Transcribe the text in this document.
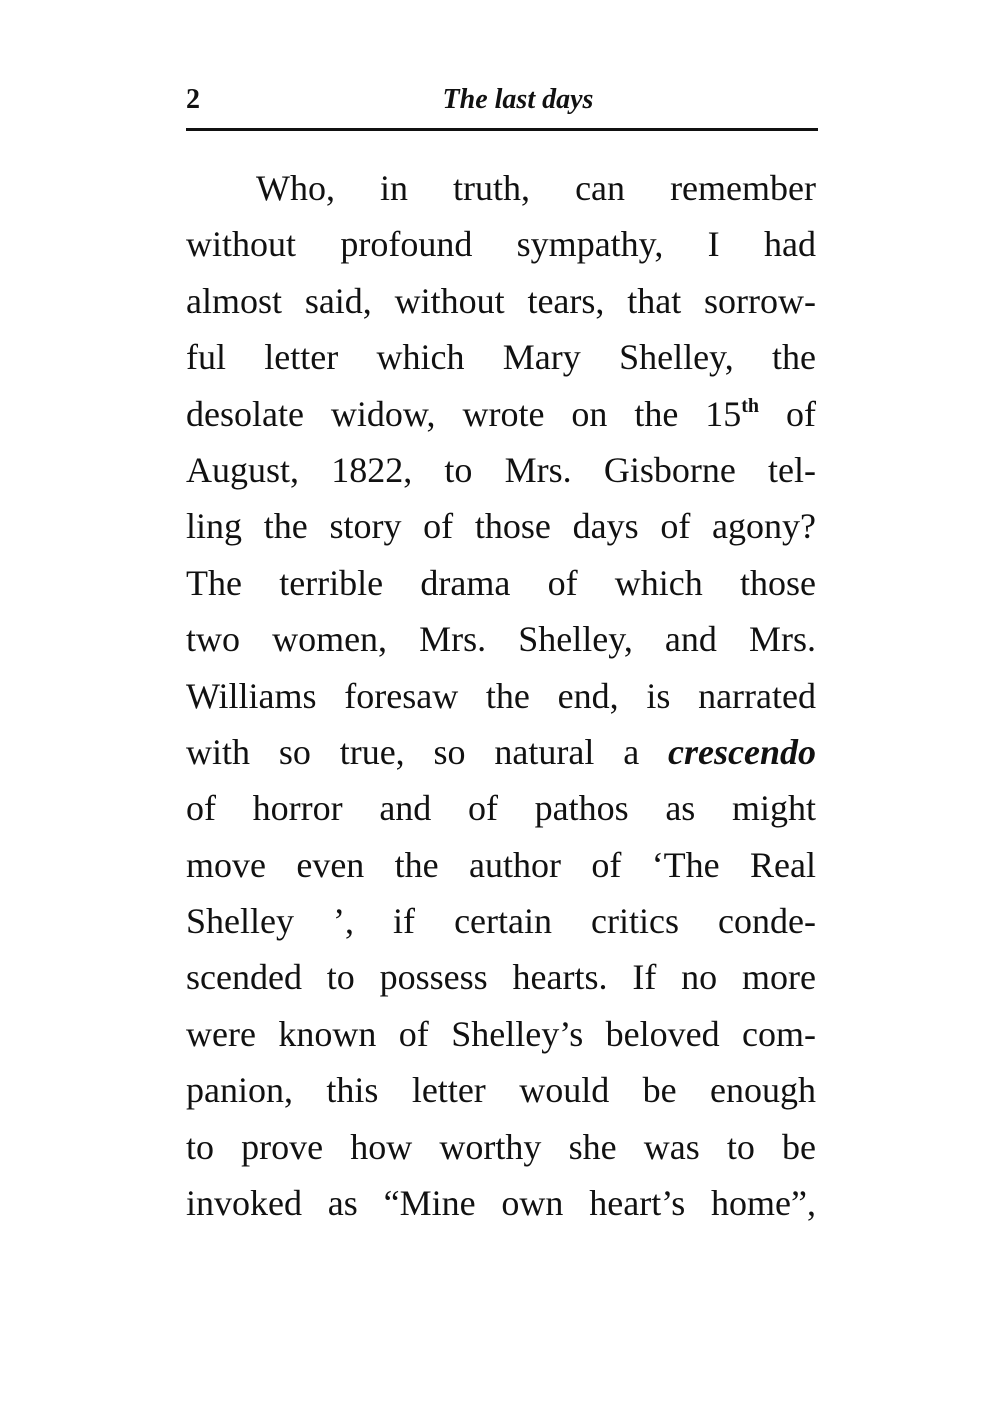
2	The last days
Who, in truth, can remember
without profound sympathy, I had
almost said, without tears, that sorrow-
ful letter which Mary Shelley, the
desolate widow, wrote on the 15th of
August, 1822, to Mrs. Gisborne tel-
ling the story of those days of agony?
The terrible drama of which those
two women, Mrs. Shelley, and Mrs.
Williams foresaw the end, is narrated
with so true, so natural a crescendo
of horror and of pathos as might
move even the author of ‘The Real
Shelley ’, if certain critics conde-
scended to possess hearts. If no more
were known of Shelley’s beloved com-
panion, this letter would be enough
to prove how worthy she was to be
invoked as “Mine own heart’s home”,
